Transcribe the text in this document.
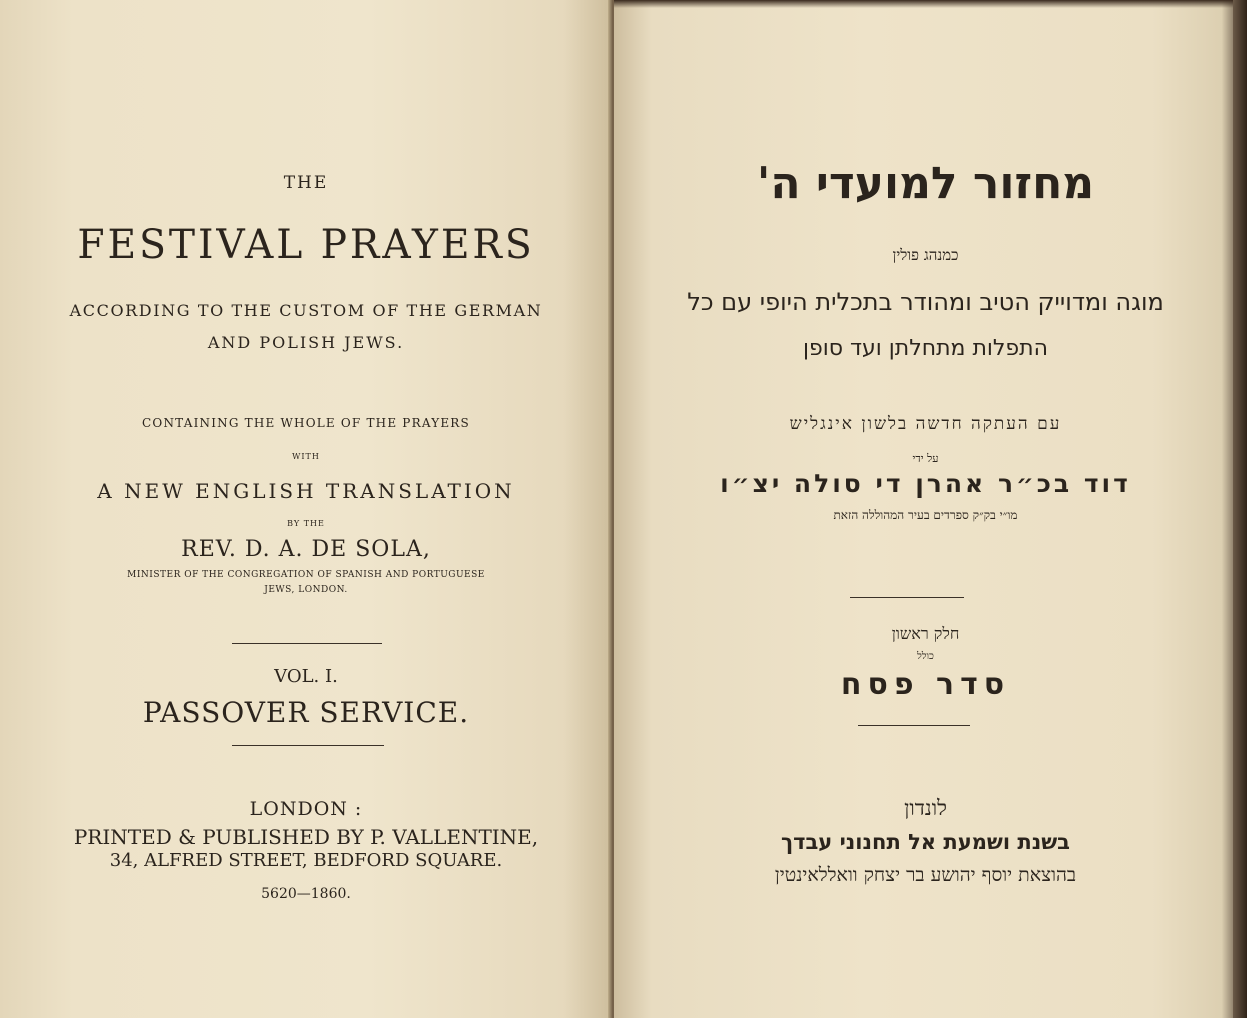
THE
FESTIVAL PRAYERS
ACCORDING TO THE CUSTOM OF THE GERMAN
AND POLISH JEWS.
CONTAINING THE WHOLE OF THE PRAYERS
WITH
A NEW ENGLISH TRANSLATION
BY THE
REV. D. A. DE SOLA,
MINISTER OF THE CONGREGATION OF SPANISH AND PORTUGUESE
JEWS, LONDON.
VOL. I.
PASSOVER SERVICE.
LONDON :
PRINTED & PUBLISHED BY P. VALLENTINE,
34, ALFRED STREET, BEDFORD SQUARE.
5620—1860.
מחזור למועדי ה'
כמנהג פולין
מוגה ומדוייק הטיב ומהודר בתכלית היופי עם כל
התפלות מתחלתן ועד סופן
עם העתקה חדשה בלשון אינגליש
על ידי
דוד בכ״ר אהרן די סולה יצ״ו
מו״י בק״ק ספרדים בעיר המהוללה הזאת
חלק ראשון
כולל
סדר פסח
לונדון
בשנת ושמעת אל תחנוני עבדך
בהוצאת יוסף יהושע בר יצחק וואללאינטין
